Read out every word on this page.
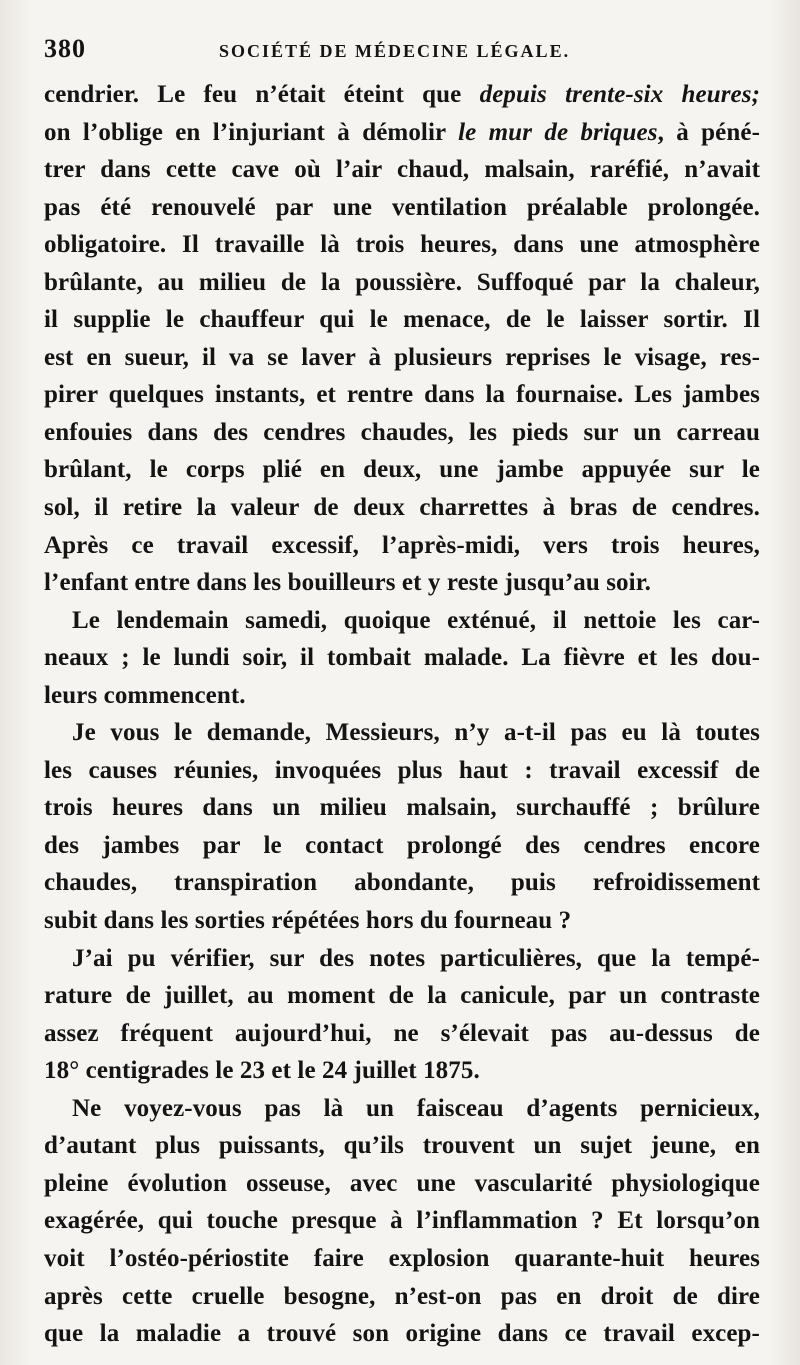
380	SOCIÉTÉ DE MÉDECINE LÉGALE.
cendrier. Le feu n’était éteint que depuis trente-six heures;
on l’oblige en l’injuriant à démolir le mur de briques, à péné-
trer dans cette cave où l’air chaud, malsain, raréfié, n’avait
pas été renouvelé par une ventilation préalable prolongée.
obligatoire. Il travaille là trois heures, dans une atmosphère
brûlante, au milieu de la poussière. Suffoqué par la chaleur,
il supplie le chauffeur qui le menace, de le laisser sortir. Il
est en sueur, il va se laver à plusieurs reprises le visage, res-
pirer quelques instants, et rentre dans la fournaise. Les jambes
enfouies dans des cendres chaudes, les pieds sur un carreau
brûlant, le corps plié en deux, une jambe appuyée sur le
sol, il retire la valeur de deux charrettes à bras de cendres.
Après ce travail excessif, l’après-midi, vers trois heures,
l’enfant entre dans les bouilleurs et y reste jusqu’au soir.
Le lendemain samedi, quoique exténué, il nettoie les car-
neaux ; le lundi soir, il tombait malade. La fièvre et les dou-
leurs commencent.
Je vous le demande, Messieurs, n’y a-t-il pas eu là toutes
les causes réunies, invoquées plus haut : travail excessif de
trois heures dans un milieu malsain, surchauffé ; brûlure
des jambes par le contact prolongé des cendres encore
chaudes, transpiration abondante, puis refroidissement
subit dans les sorties répétées hors du fourneau ?
J’ai pu vérifier, sur des notes particulières, que la tempé-
rature de juillet, au moment de la canicule, par un contraste
assez fréquent aujourd’hui, ne s’élevait pas au-dessus de
18° centigrades le 23 et le 24 juillet 1875.
Ne voyez-vous pas là un faisceau d’agents pernicieux,
d’autant plus puissants, qu’ils trouvent un sujet jeune, en
pleine évolution osseuse, avec une vascularité physiologique
exagérée, qui touche presque à l’inflammation ? Et lorsqu’on
voit l’ostéo-périostite faire explosion quarante-huit heures
après cette cruelle besogne, n’est-on pas en droit de dire
que la maladie a trouvé son origine dans ce travail excep-
